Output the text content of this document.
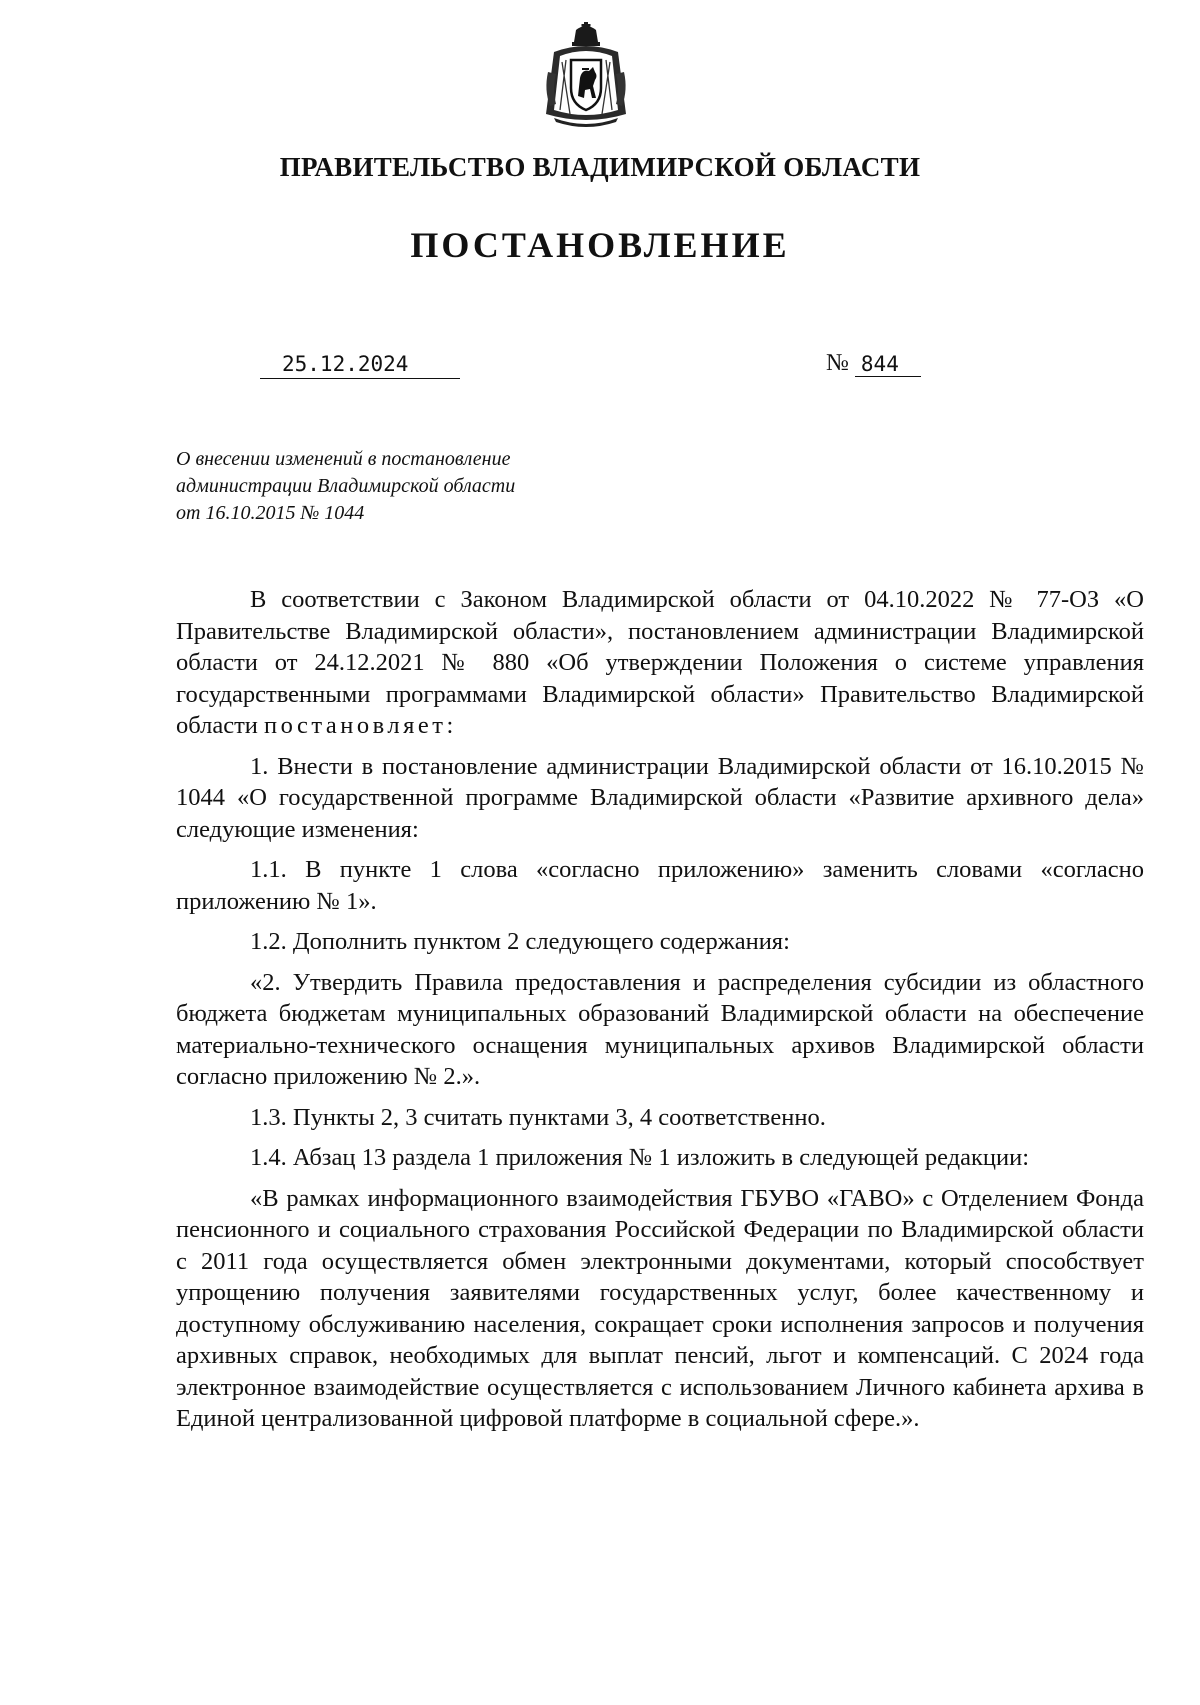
ПРАВИТЕЛЬСТВО ВЛАДИМИРСКОЙ ОБЛАСТИ
ПОСТАНОВЛЕНИЕ
25.12.2024	№ 844
О внесении изменений в постановление
администрации Владимирской области
от 16.10.2015 № 1044

В соответствии с Законом Владимирской области от 04.10.2022 № 77-ОЗ «О Правительстве Владимирской области», постановлением администрации Владимирской области от 24.12.2021 № 880 «Об утверждении Положения о системе управления государственными программами Владимирской области» Правительство Владимирской области постановляет:

1. Внести в постановление администрации Владимирской области от 16.10.2015 № 1044 «О государственной программе Владимирской области «Развитие архивного дела» следующие изменения:

1.1. В пункте 1 слова «согласно приложению» заменить словами «согласно приложению № 1».

1.2. Дополнить пунктом 2 следующего содержания:

«2. Утвердить Правила предоставления и распределения субсидии из областного бюджета бюджетам муниципальных образований Владимирской области на обеспечение материально-технического оснащения муниципальных архивов Владимирской области согласно приложению № 2.».

1.3. Пункты 2, 3 считать пунктами 3, 4 соответственно.

1.4. Абзац 13 раздела 1 приложения № 1 изложить в следующей редакции:

«В рамках информационного взаимодействия ГБУВО «ГАВО» с Отделением Фонда пенсионного и социального страхования Российской Федерации по Владимирской области с 2011 года осуществляется обмен электронными документами, который способствует упрощению получения заявителями государственных услуг, более качественному и доступному обслуживанию населения, сокращает сроки исполнения запросов и получения архивных справок, необходимых для выплат пенсий, льгот и компенсаций. С 2024 года электронное взаимодействие осуществляется с использованием Личного кабинета архива в Единой централизованной цифровой платформе в социальной сфере.».
